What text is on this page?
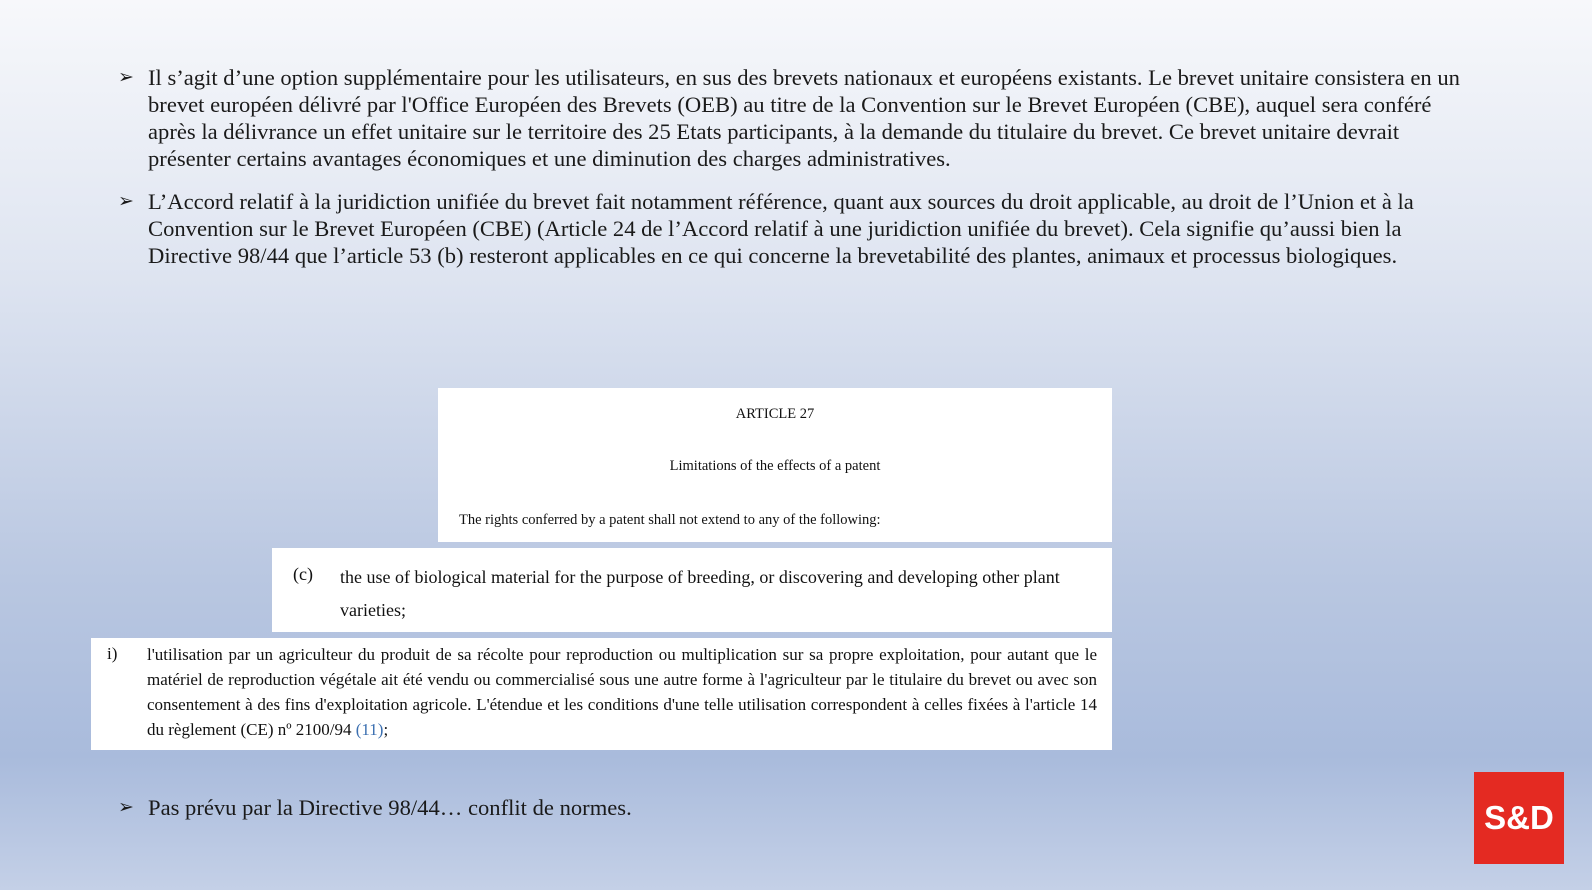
➢ Il s’agit d’une option supplémentaire pour les utilisateurs, en sus des brevets nationaux et européens existants. Le brevet unitaire consistera en un brevet européen délivré par l'Office Européen des Brevets (OEB) au titre de la Convention sur le Brevet Européen (CBE), auquel sera conféré après la délivrance un effet unitaire sur le territoire des 25 Etats participants, à la demande du titulaire du brevet. Ce brevet unitaire devrait présenter certains avantages économiques et une diminution des charges administratives.
➢ L’Accord relatif à la juridiction unifiée du brevet fait notamment référence, quant aux sources du droit applicable, au droit de l’Union et à la Convention sur le Brevet Européen (CBE) (Article 24 de l’Accord relatif à une juridiction unifiée du brevet). Cela signifie qu’aussi bien la Directive 98/44 que l’article 53 (b) resteront applicables en ce qui concerne la brevetabilité des plantes, animaux et processus biologiques.
ARTICLE 27
Limitations of the effects of a patent
The rights conferred by a patent shall not extend to any of the following:
(c) the use of biological material for the purpose of breeding, or discovering and developing other plant varieties;
i) l'utilisation par un agriculteur du produit de sa récolte pour reproduction ou multiplication sur sa propre exploitation, pour autant que le matériel de reproduction végétale ait été vendu ou commercialisé sous une autre forme à l'agriculteur par le titulaire du brevet ou avec son consentement à des fins d'exploitation agricole. L'étendue et les conditions d'une telle utilisation correspondent à celles fixées à l'article 14 du règlement (CE) nº 2100/94 (11);
➢ Pas prévu par la Directive 98/44… conflit de normes.	S&D
